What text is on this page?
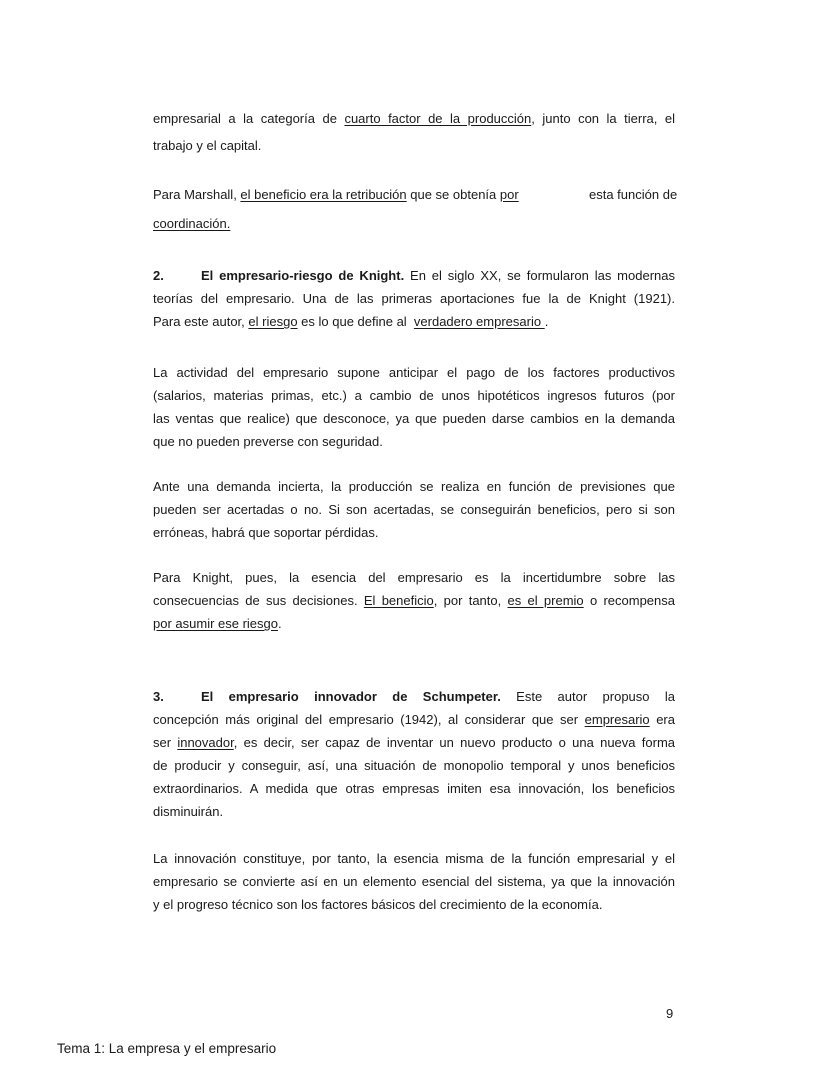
empresarial a la categoría de cuarto factor de la producción, junto con la tierra, el
trabajo y el capital.
Para Marshall, el beneficio era la retribución que se obtenía por	esta función de
coordinación.
2.	El empresario-riesgo de Knight. En el siglo XX, se formularon las modernas
teorías del empresario. Una de las primeras aportaciones fue la de Knight (1921).
Para este autor, el riesgo es lo que define al  verdadero empresario .
La actividad del empresario supone anticipar el pago de los factores productivos
(salarios, materias primas, etc.) a cambio de unos hipotéticos ingresos futuros (por
las ventas que realice) que desconoce, ya que pueden darse cambios en la demanda
que no pueden preverse con seguridad.
Ante una demanda incierta, la producción se realiza en función de previsiones que
pueden ser acertadas o no. Si son acertadas, se conseguirán beneficios, pero si son
erróneas, habrá que soportar pérdidas.
Para Knight, pues, la esencia del empresario es la incertidumbre sobre las
consecuencias de sus decisiones. El beneficio, por tanto, es el premio o recompensa
por asumir ese riesgo.
3.	El empresario innovador de Schumpeter. Este autor propuso la
concepción más original del empresario (1942), al considerar que ser empresario era
ser innovador, es decir, ser capaz de inventar un nuevo producto o una nueva forma
de producir y conseguir, así, una situación de monopolio temporal y unos beneficios
extraordinarios. A medida que otras empresas imiten esa innovación, los beneficios
disminuirán.
La innovación constituye, por tanto, la esencia misma de la función empresarial y el
empresario se convierte así en un elemento esencial del sistema, ya que la innovación
y el progreso técnico son los factores básicos del crecimiento de la economía.
9
Tema 1: La empresa y el empresario
